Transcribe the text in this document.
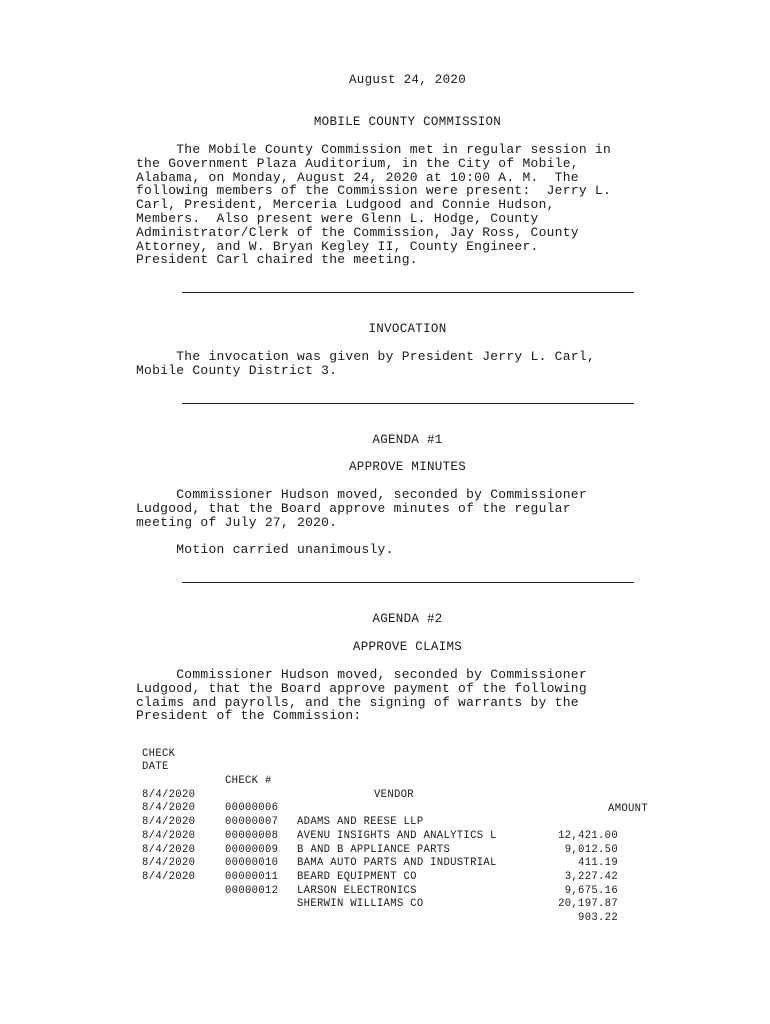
August 24, 2020

MOBILE COUNTY COMMISSION

The Mobile County Commission met in regular session in
the Government Plaza Auditorium, in the City of Mobile,
Alabama, on Monday, August 24, 2020 at 10:00 A. M.  The
following members of the Commission were present:  Jerry L.
Carl, President, Merceria Ludgood and Connie Hudson,
Members.  Also present were Glenn L. Hodge, County
Administrator/Clerk of the Commission, Jay Ross, County
Attorney, and W. Bryan Kegley II, County Engineer.
President Carl chaired the meeting.

INVOCATION

The invocation was given by President Jerry L. Carl,
Mobile County District 3.

AGENDA #1

APPROVE MINUTES

Commissioner Hudson moved, seconded by Commissioner
Ludgood, that the Board approve minutes of the regular
meeting of July 27, 2020.

Motion carried unanimously.

AGENDA #2

APPROVE CLAIMS

Commissioner Hudson moved, seconded by Commissioner
Ludgood, that the Board approve payment of the following
claims and payrolls, and the signing of warrants by the
President of the Commission:

CHECK

DATE

CHECK #

VENDOR

AMOUNT

8/4/2020

00000006

ADAMS AND REESE LLP

12,421.00

8/4/2020

00000007

AVENU INSIGHTS AND ANALYTICS L

9,012.50

8/4/2020

00000008

B AND B APPLIANCE PARTS

411.19

8/4/2020

00000009

BAMA AUTO PARTS AND INDUSTRIAL

3,227.42

8/4/2020

00000010

BEARD EQUIPMENT CO

9,675.16

8/4/2020

00000011

LARSON ELECTRONICS

20,197.87

8/4/2020

00000012

SHERWIN WILLIAMS CO

903.22
